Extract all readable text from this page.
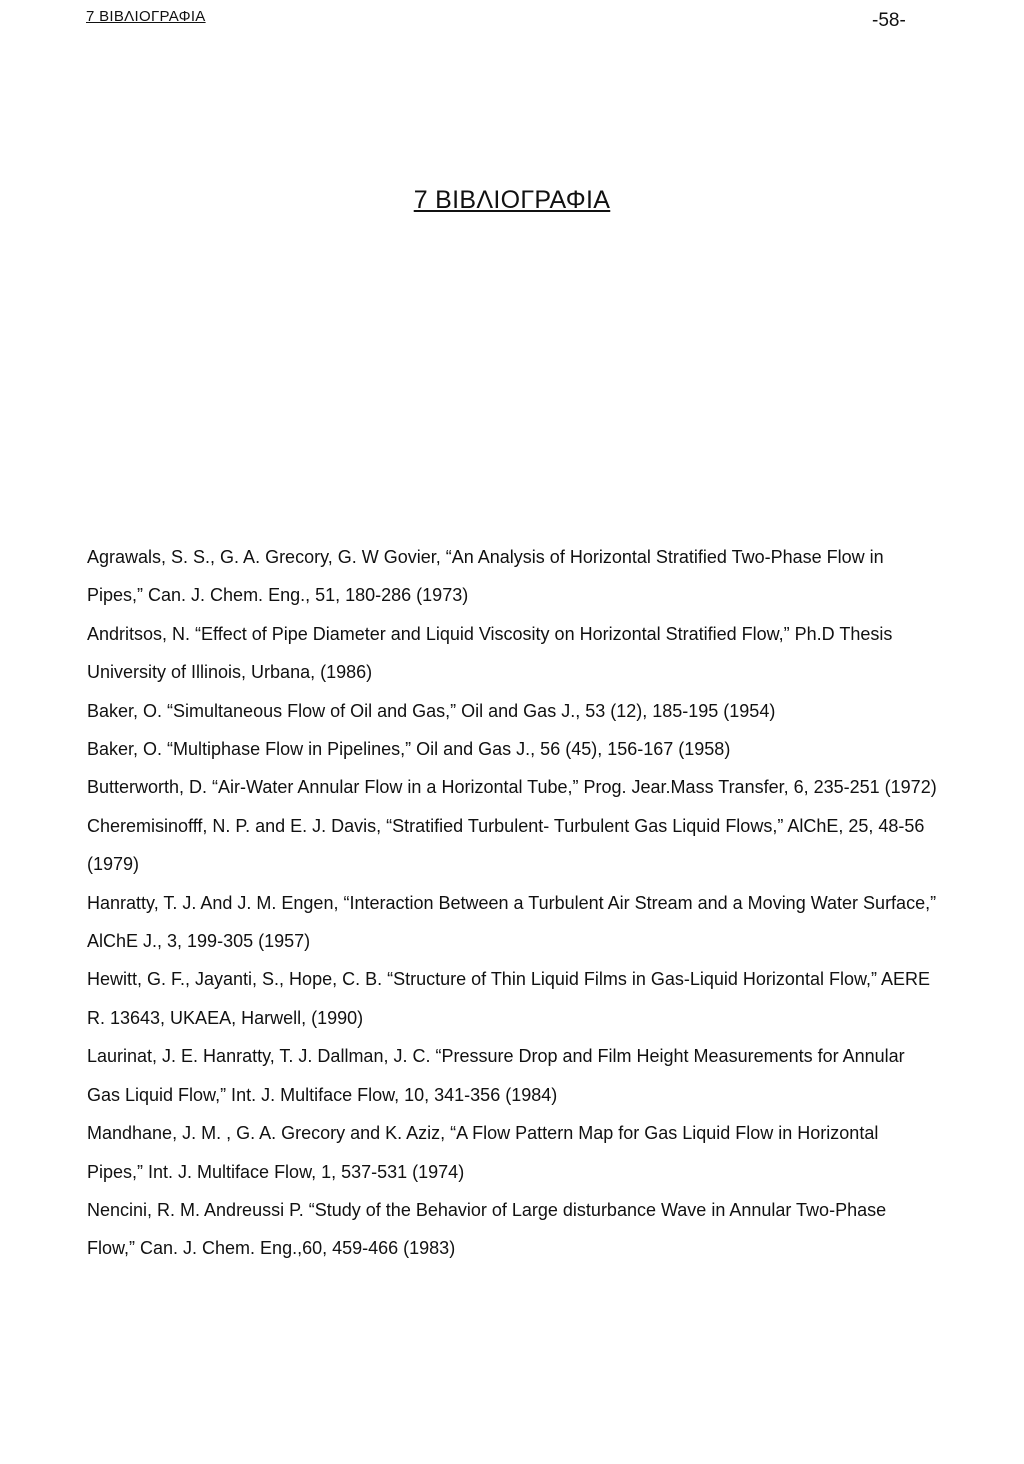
7 ΒΙΒΛΙΟΓΡΑΦΙΑ	-58-
7 ΒΙΒΛΙΟΓΡΑΦΙΑ
Agrawals, S. S., G. A. Grecory, G. W Govier, “An Analysis of Horizontal Stratified Two-Phase Flow in Pipes,” Can. J. Chem. Eng., 51, 180-286 (1973)
Andritsos, N. “Effect of Pipe Diameter and Liquid Viscosity on Horizontal Stratified Flow,” Ph.D Thesis University of Illinois, Urbana, (1986)
Baker, O. “Simultaneous Flow of Oil and Gas,” Oil and Gas J., 53 (12), 185-195 (1954)
Baker, O. “Multiphase Flow in Pipelines,” Oil and Gas J., 56 (45), 156-167 (1958)
Butterworth, D. “Air-Water Annular Flow in a Horizontal Tube,” Prog. Jear.Mass Transfer, 6, 235-251 (1972)
Cheremisinofff, N. P. and E. J. Davis, “Stratified Turbulent- Turbulent Gas Liquid Flows,” AlChE, 25, 48-56 (1979)
Hanratty, T. J. And J. M. Engen, “Interaction Between a Turbulent Air Stream and a Moving Water Surface,” AlChE J., 3, 199-305 (1957)
Hewitt, G. F., Jayanti, S., Hope, C. B. “Structure of Thin Liquid Films in Gas-Liquid Horizontal Flow,” AERE R. 13643, UKAEA, Harwell, (1990)
Laurinat, J. E. Hanratty, T. J. Dallman, J. C. “Pressure Drop and Film Height Measurements for Annular Gas Liquid Flow,” Int. J. Multiface Flow, 10, 341-356 (1984)
Mandhane, J. M. , G. A. Grecory and K. Aziz, “A Flow Pattern Map for Gas Liquid Flow in Horizontal Pipes,” Int. J. Multiface Flow, 1, 537-531 (1974)
Nencini, R. M. Andreussi P. “Study of the Behavior of Large disturbance Wave in Annular Two-Phase Flow,” Can. J. Chem. Eng.,60, 459-466 (1983)
